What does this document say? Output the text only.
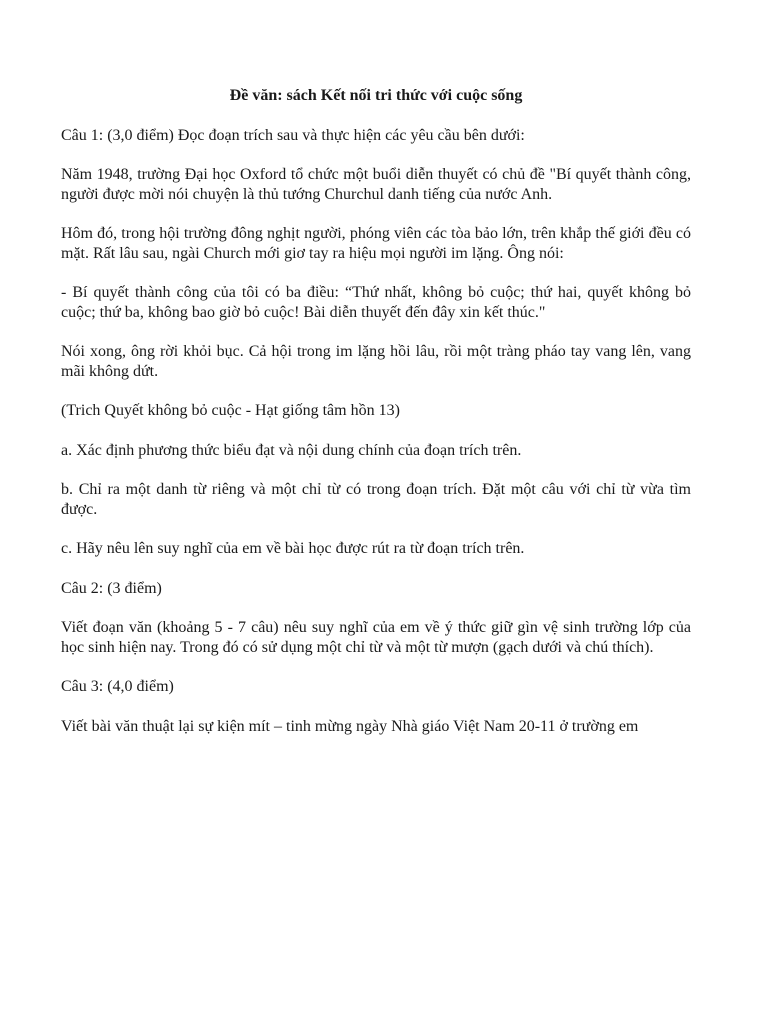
Đề văn: sách Kết nối tri thức với cuộc sống

Câu 1: (3,0 điểm) Đọc đoạn trích sau và thực hiện các yêu cầu bên dưới:

Năm 1948, trường Đại học Oxford tổ chức một buổi diễn thuyết có chủ đề "Bí quyết thành công, người được mời nói chuyện là thủ tướng Churchul danh tiếng của nước Anh.

Hôm đó, trong hội trường đông nghịt người, phóng viên các tòa bảo lớn, trên khắp thế giới đều có mặt. Rất lâu sau, ngài Church mới giơ tay ra hiệu mọi người im lặng. Ông nói:

- Bí quyết thành công của tôi có ba điều: “Thứ nhất, không bỏ cuộc; thứ hai, quyết không bỏ cuộc; thứ ba, không bao giờ bỏ cuộc! Bài diễn thuyết đến đây xin kết thúc."

Nói xong, ông rời khỏi bục. Cả hội trong im lặng hồi lâu, rồi một tràng pháo tay vang lên, vang mãi không dứt.

(Trich Quyết không bỏ cuộc - Hạt giống tâm hồn 13)

a. Xác định phương thức biểu đạt và nội dung chính của đoạn trích trên.

b. Chỉ ra một danh từ riêng và một chỉ từ có trong đoạn trích. Đặt một câu với chỉ từ vừa tìm được.

c. Hãy nêu lên suy nghĩ của em về bài học được rút ra từ đoạn trích trên.

Câu 2: (3 điểm)

Viết đoạn văn (khoảng 5 - 7 câu) nêu suy nghĩ của em về ý thức giữ gìn vệ sinh trường lớp của học sinh hiện nay. Trong đó có sử dụng một chỉ từ và một từ mượn (gạch dưới và chú thích).

Câu 3: (4,0 điểm)

Viết bài văn thuật lại sự kiện mít – tinh mừng ngày Nhà giáo Việt Nam 20-11 ở trường em
